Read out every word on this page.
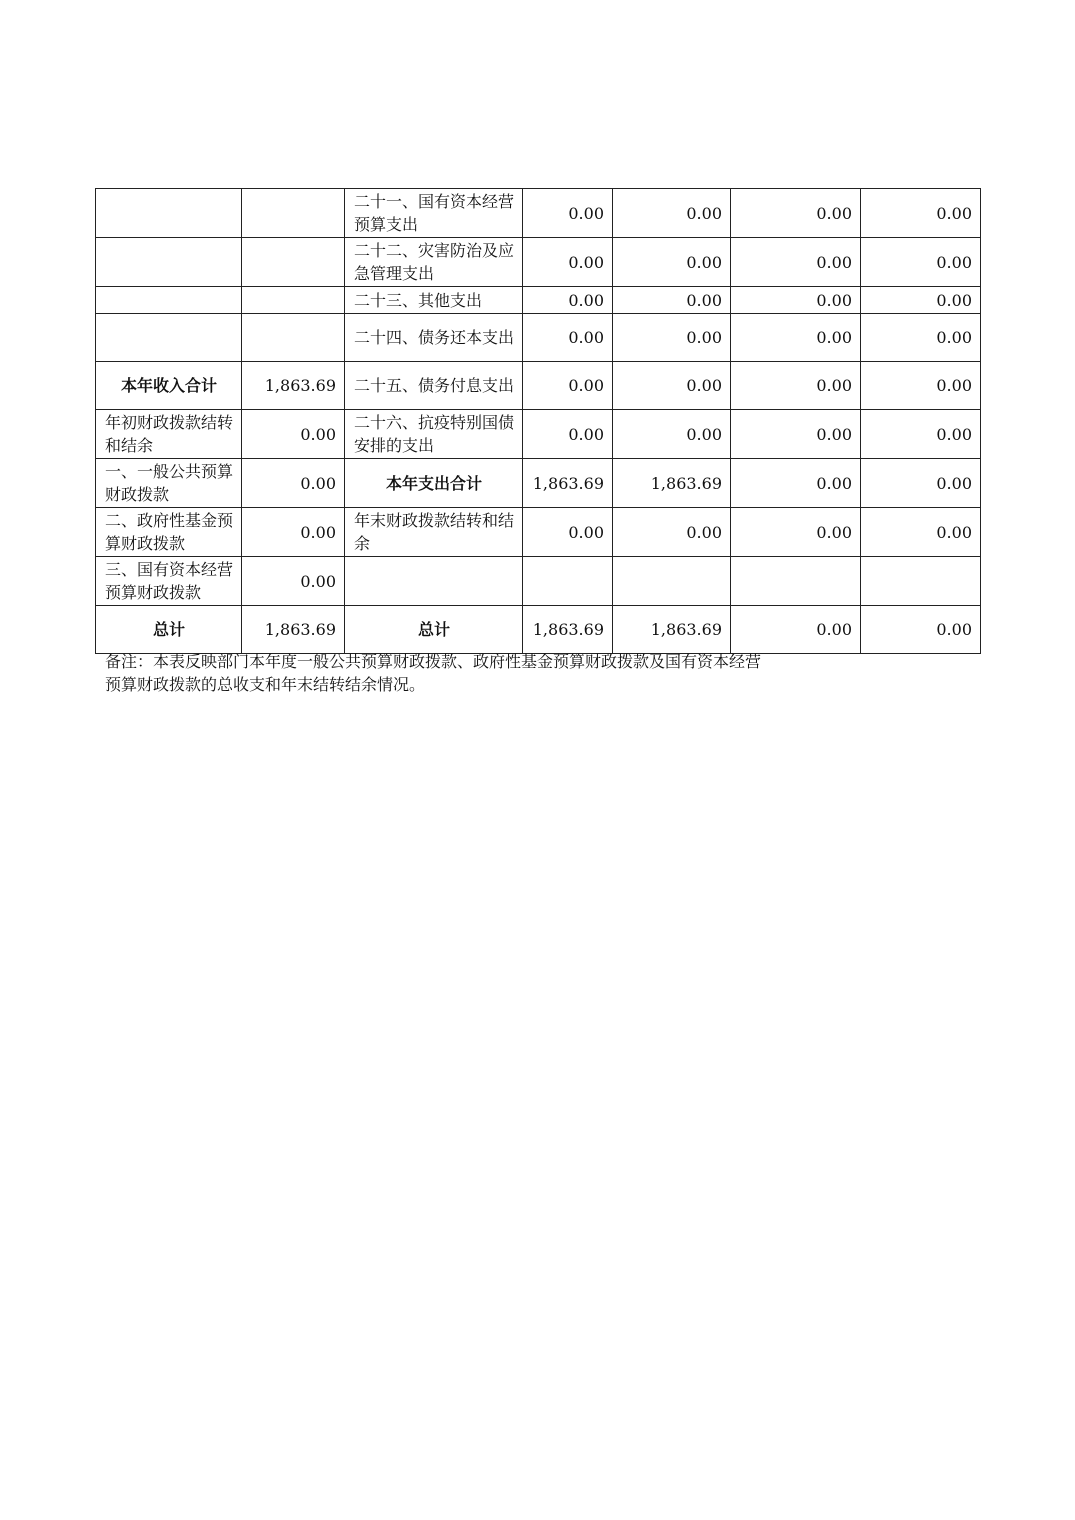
		二十一、国有资本经营预算支出	0.00	0.00	0.00	0.00
		二十二、灾害防治及应急管理支出	0.00	0.00	0.00	0.00
		二十三、其他支出	0.00	0.00	0.00	0.00
		二十四、债务还本支出	0.00	0.00	0.00	0.00
本年收入合计	1,863.69	二十五、债务付息支出	0.00	0.00	0.00	0.00
年初财政拨款结转和结余	0.00	二十六、抗疫特别国债安排的支出	0.00	0.00	0.00	0.00
一、一般公共预算财政拨款	0.00	本年支出合计	1,863.69	1,863.69	0.00	0.00
二、政府性基金预算财政拨款	0.00	年末财政拨款结转和结余	0.00	0.00	0.00	0.00
三、国有资本经营预算财政拨款	0.00					
总计	1,863.69	总计	1,863.69	1,863.69	0.00	0.00
备注：本表反映部门本年度一般公共预算财政拨款、政府性基金预算财政拨款及国有资本经营
预算财政拨款的总收支和年末结转结余情况。
